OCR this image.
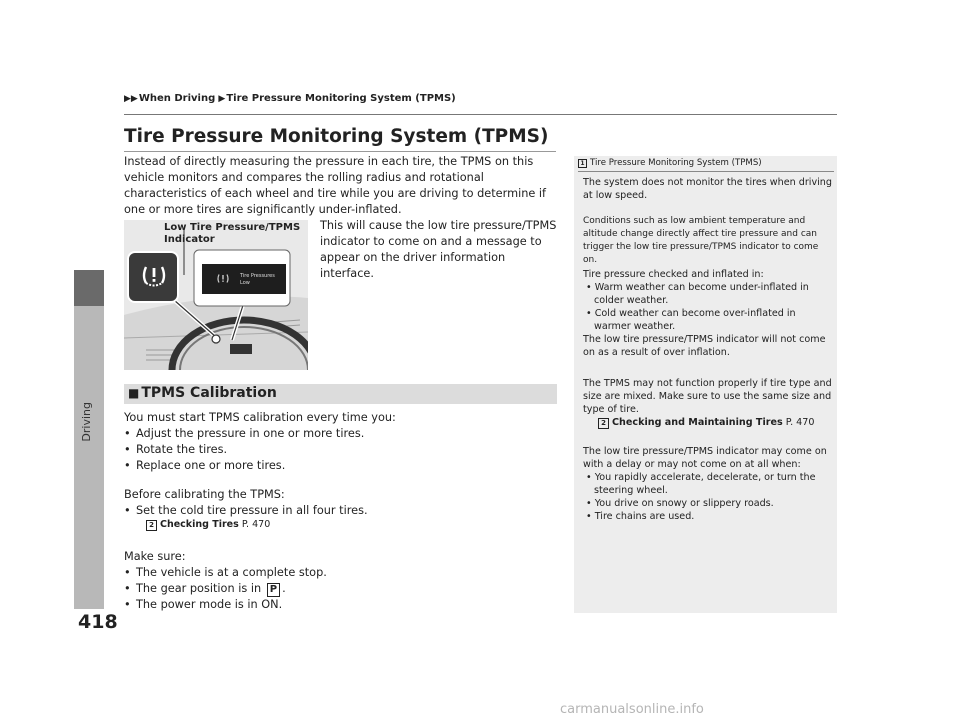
▶▶When Driving ▶Tire Pressure Monitoring System (TPMS)
Driving
418
Tire Pressure Monitoring System (TPMS)
Instead of directly measuring the pressure in each tire, the TPMS on this vehicle monitors and compares the rolling radius and rotational characteristics of each wheel and tire while you are driving to determine if one or more tires are significantly under-inflated.
This will cause the low tire pressure/TPMS indicator to come on and a message to appear on the driver information interface.
Tire Pressures
Low
Low Tire Pressure/TPMS
Indicator
■ TPMS Calibration
You must start TPMS calibration every time you:
• Adjust the pressure in one or more tires.
• Rotate the tires.
• Replace one or more tires.
Before calibrating the TPMS:
• Set the cold tire pressure in all four tires.
2 Checking Tires P. 470
Make sure:
• The vehicle is at a complete stop.
• The gear position is in P .
• The power mode is in ON.
1 Tire Pressure Monitoring System (TPMS)
The system does not monitor the tires when driving at low speed.
Conditions such as low ambient temperature and altitude change directly affect tire pressure and can trigger the low tire pressure/TPMS indicator to come on.
Tire pressure checked and inflated in:
• Warm weather can become under-inflated in colder weather.
• Cold weather can become over-inflated in warmer weather.
The low tire pressure/TPMS indicator will not come on as a result of over inflation.
The TPMS may not function properly if tire type and size are mixed. Make sure to use the same size and type of tire.
2 Checking and Maintaining Tires P. 470
The low tire pressure/TPMS indicator may come on with a delay or may not come on at all when:
• You rapidly accelerate, decelerate, or turn the steering wheel.
• You drive on snowy or slippery roads.
• Tire chains are used.
carmanualsonline.info
